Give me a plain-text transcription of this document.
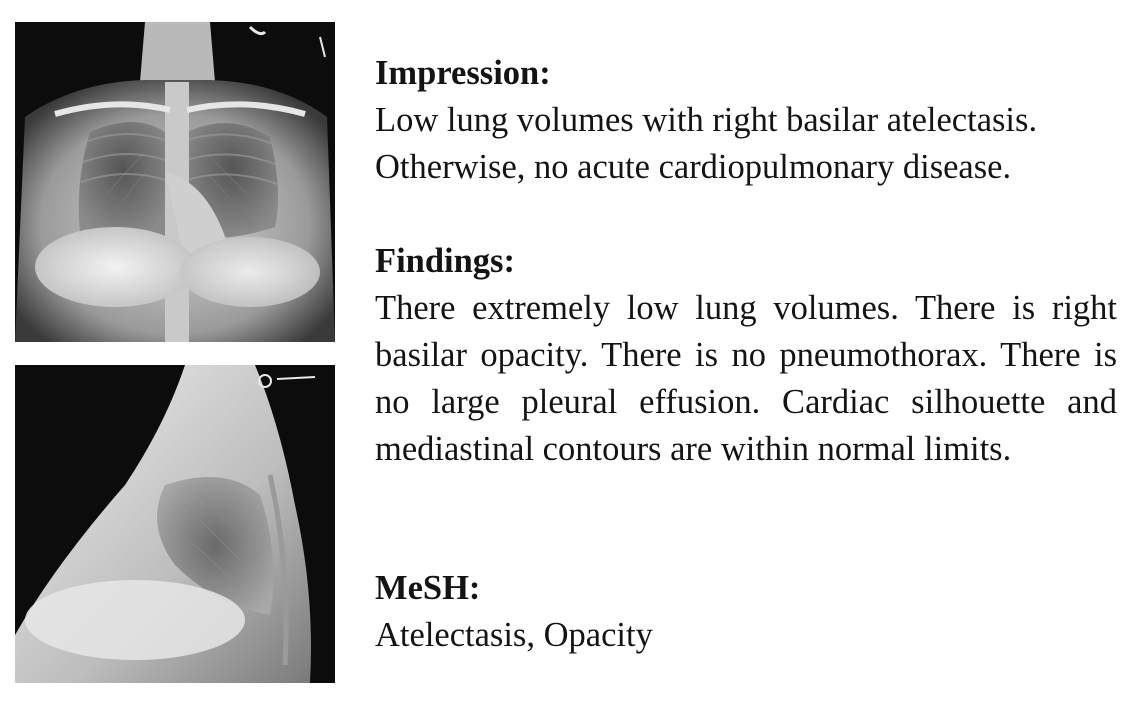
Impression:
Low lung volumes with right basilar atelectasis.
Otherwise, no acute cardiopulmonary disease.
Findings:
There extremely low lung volumes. There is right basilar opacity. There is no pneumothorax. There is no large pleural effusion. Cardiac silhouette and mediastinal contours are within normal limits.
MeSH:
Atelectasis, Opacity
